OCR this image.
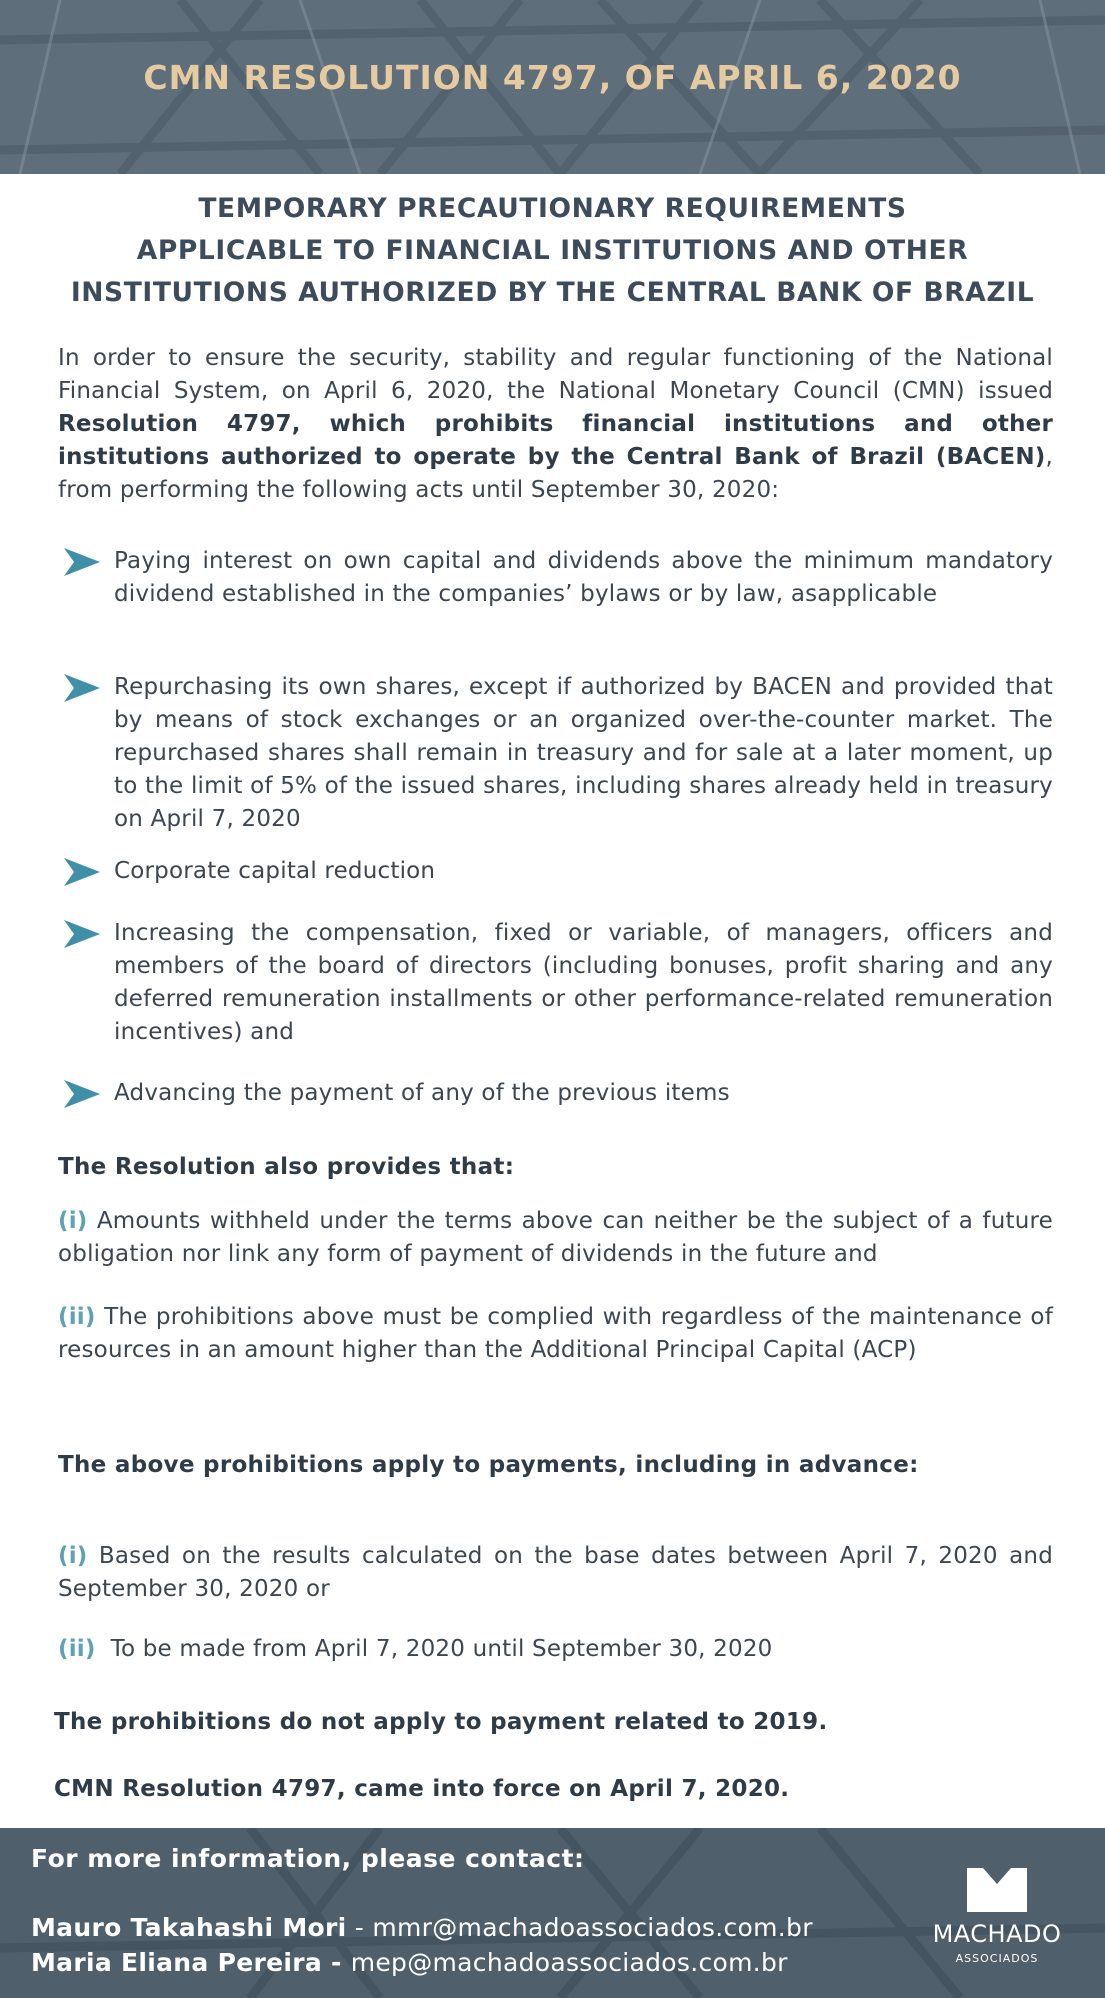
CMN RESOLUTION 4797, OF APRIL 6, 2020
TEMPORARY PRECAUTIONARY REQUIREMENTS
APPLICABLE TO FINANCIAL INSTITUTIONS AND OTHER
INSTITUTIONS AUTHORIZED BY THE CENTRAL BANK OF BRAZIL

In order to ensure the security, stability and regular functioning of the National Financial System, on April 6, 2020, the National Monetary Council (CMN) issued Resolution 4797, which prohibits financial institutions and other institutions authorized to operate by the Central Bank of Brazil (BACEN), from performing the following acts until September 30, 2020:

Paying interest on own capital and dividends above the minimum mandatory dividend established in the companies’ bylaws or by law, asapplicable
Repurchasing its own shares, except if authorized by BACEN and provided that by means of stock exchanges or an organized over-the-counter market. The repurchased shares shall remain in treasury and for sale at a later moment, up to the limit of 5% of the issued shares, including shares already held in treasury on April 7, 2020
Corporate capital reduction
Increasing the compensation, fixed or variable, of managers, officers and members of the board of directors (including bonuses, profit sharing and any deferred remuneration installments or other performance-related remuneration incentives) and
Advancing the payment of any of the previous items
The Resolution also provides that:

(i) Amounts withheld under the terms above can neither be the subject of a future obligation nor link any form of payment of dividends in the future and

(ii) The prohibitions above must be complied with regardless of the maintenance of resources in an amount higher than the Additional Principal Capital (ACP)

The above prohibitions apply to payments, including in advance:

(i) Based on the results calculated on the base dates between April 7, 2020 and September 30, 2020 or

(ii)  To be made from April 7, 2020 until September 30, 2020

The prohibitions do not apply to payment related to 2019.
CMN Resolution 4797, came into force on April 7, 2020.
For more information, please contact:
Mauro Takahashi Mori - mmr@machadoassociados.com.br
Maria Eliana Pereira - mep@machadoassociados.com.br
MACHADO
ASSOCIADOS
